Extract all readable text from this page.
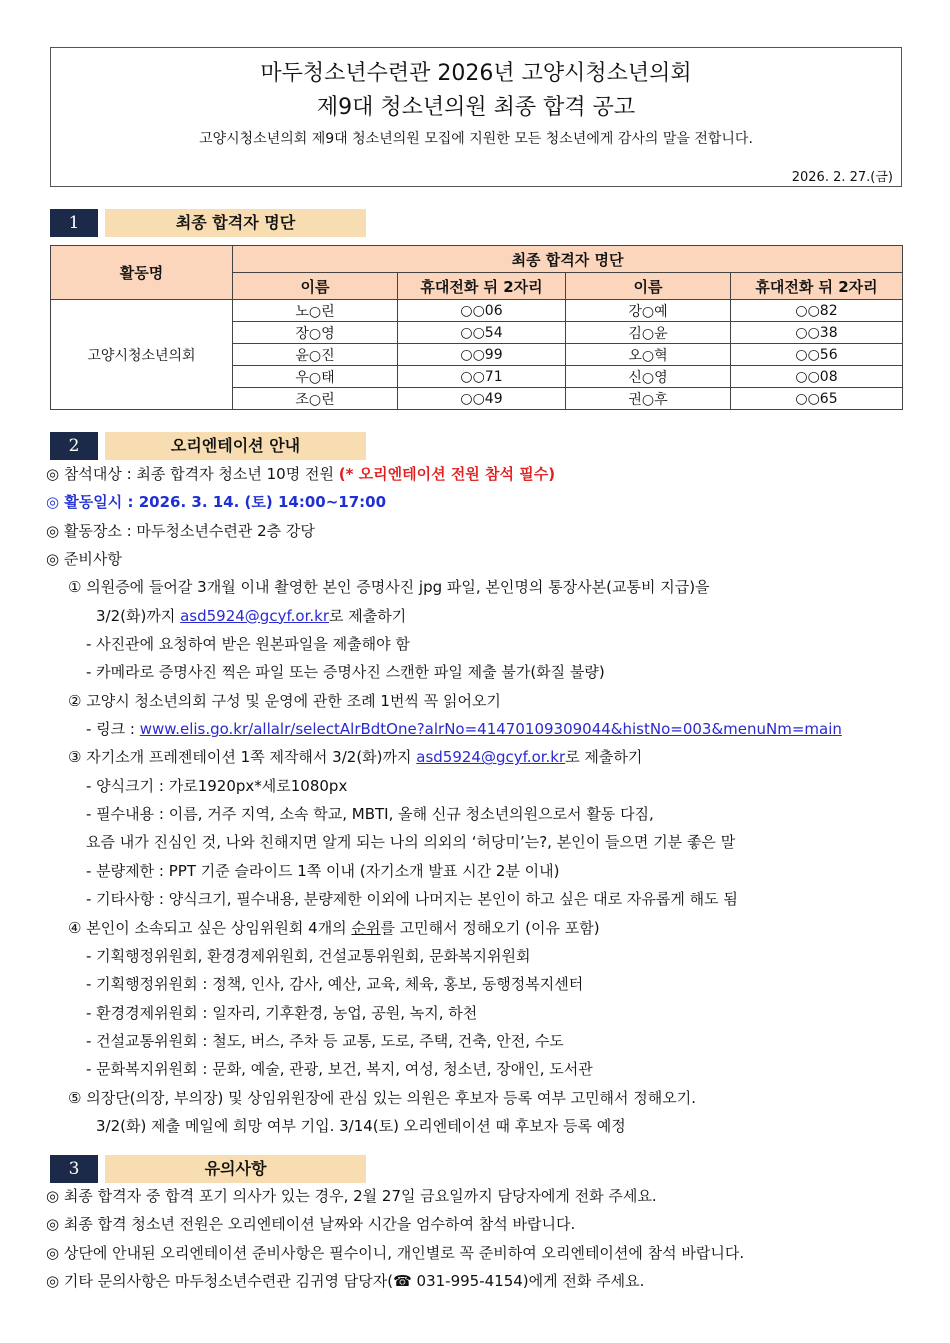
마두청소년수련관 2026년 고양시청소년의회
제9대 청소년의원 최종 합격 공고
고양시청소년의회 제9대 청소년의원 모집에 지원한 모든 청소년에게 감사의 말을 전합니다.
2026. 2. 27.(금)
1	최종 합격자 명단
활동명	최종 합격자 명단			
	이름	휴대전화 뒤 2자리	이름	휴대전화 뒤 2자리
고양시청소년의회	노○린	○○06	강○예	○○82
	장○영	○○54	김○윤	○○38
	윤○진	○○99	오○혁	○○56
	우○태	○○71	신○영	○○08
	조○린	○○49	권○후	○○65
2	오리엔테이션 안내
◎ 참석대상 : 최종 합격자 청소년 10명 전원 (* 오리엔테이션 전원 참석 필수)
◎ 활동일시 : 2026. 3. 14. (토) 14:00~17:00
◎ 활동장소 : 마두청소년수련관 2층 강당
◎ 준비사항
① 의원증에 들어갈 3개월 이내 촬영한 본인 증명사진 jpg 파일, 본인명의 통장사본(교통비 지급)을
3/2(화)까지 asd5924@gcyf.or.kr로 제출하기
- 사진관에 요청하여 받은 원본파일을 제출해야 함
- 카메라로 증명사진 찍은 파일 또는 증명사진 스캔한 파일 제출 불가(화질 불량)
② 고양시 청소년의회 구성 및 운영에 관한 조례 1번씩 꼭 읽어오기
- 링크 : www.elis.go.kr/allalr/selectAlrBdtOne?alrNo=41470109309044&histNo=003&menuNm=main
③ 자기소개 프레젠테이션 1쪽 제작해서 3/2(화)까지 asd5924@gcyf.or.kr로 제출하기
- 양식크기 : 가로1920px*세로1080px
- 필수내용 : 이름, 거주 지역, 소속 학교, MBTI, 올해 신규 청소년의원으로서 활동 다짐,
요즘 내가 진심인 것, 나와 친해지면 알게 되는 나의 의외의 ‘허당미’는?, 본인이 들으면 기분 좋은 말
- 분량제한 : PPT 기준 슬라이드 1쪽 이내 (자기소개 발표 시간 2분 이내)
- 기타사항 : 양식크기, 필수내용, 분량제한 이외에 나머지는 본인이 하고 싶은 대로 자유롭게 해도 됨
④ 본인이 소속되고 싶은 상임위원회 4개의 순위를 고민해서 정해오기 (이유 포함)
- 기획행정위원회, 환경경제위원회, 건설교통위원회, 문화복지위원회
- 기획행정위원회 : 정책, 인사, 감사, 예산, 교육, 체육, 홍보, 동행정복지센터
- 환경경제위원회 : 일자리, 기후환경, 농업, 공원, 녹지, 하천
- 건설교통위원회 : 철도, 버스, 주차 등 교통, 도로, 주택, 건축, 안전, 수도
- 문화복지위원회 : 문화, 예술, 관광, 보건, 복지, 여성, 청소년, 장애인, 도서관
⑤ 의장단(의장, 부의장) 및 상임위원장에 관심 있는 의원은 후보자 등록 여부 고민해서 정해오기.
3/2(화) 제출 메일에 희망 여부 기입. 3/14(토) 오리엔테이션 때 후보자 등록 예정
3	유의사항
◎ 최종 합격자 중 합격 포기 의사가 있는 경우, 2월 27일 금요일까지 담당자에게 전화 주세요.
◎ 최종 합격 청소년 전원은 오리엔테이션 날짜와 시간을 엄수하여 참석 바랍니다.
◎ 상단에 안내된 오리엔테이션 준비사항은 필수이니, 개인별로 꼭 준비하여 오리엔테이션에 참석 바랍니다.
◎ 기타 문의사항은 마두청소년수련관 김귀영 담당자(☎ 031-995-4154)에게 전화 주세요.
